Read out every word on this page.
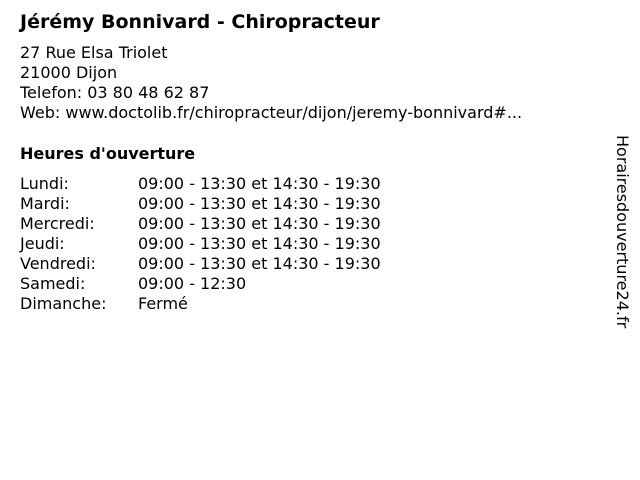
Jérémy Bonnivard - Chiropracteur
27 Rue Elsa Triolet
21000 Dijon
Telefon: 03 80 48 62 87
Web: www.doctolib.fr/chiropracteur/dijon/jeremy-bonnivard#...
Heures d'ouverture
Lundi:	09:00 - 13:30 et 14:30 - 19:30
Mardi:	09:00 - 13:30 et 14:30 - 19:30
Mercredi:	09:00 - 13:30 et 14:30 - 19:30
Jeudi:	09:00 - 13:30 et 14:30 - 19:30
Vendredi:	09:00 - 13:30 et 14:30 - 19:30
Samedi:	09:00 - 12:30
Dimanche: Fermé	Horairesdouverture24.fr
